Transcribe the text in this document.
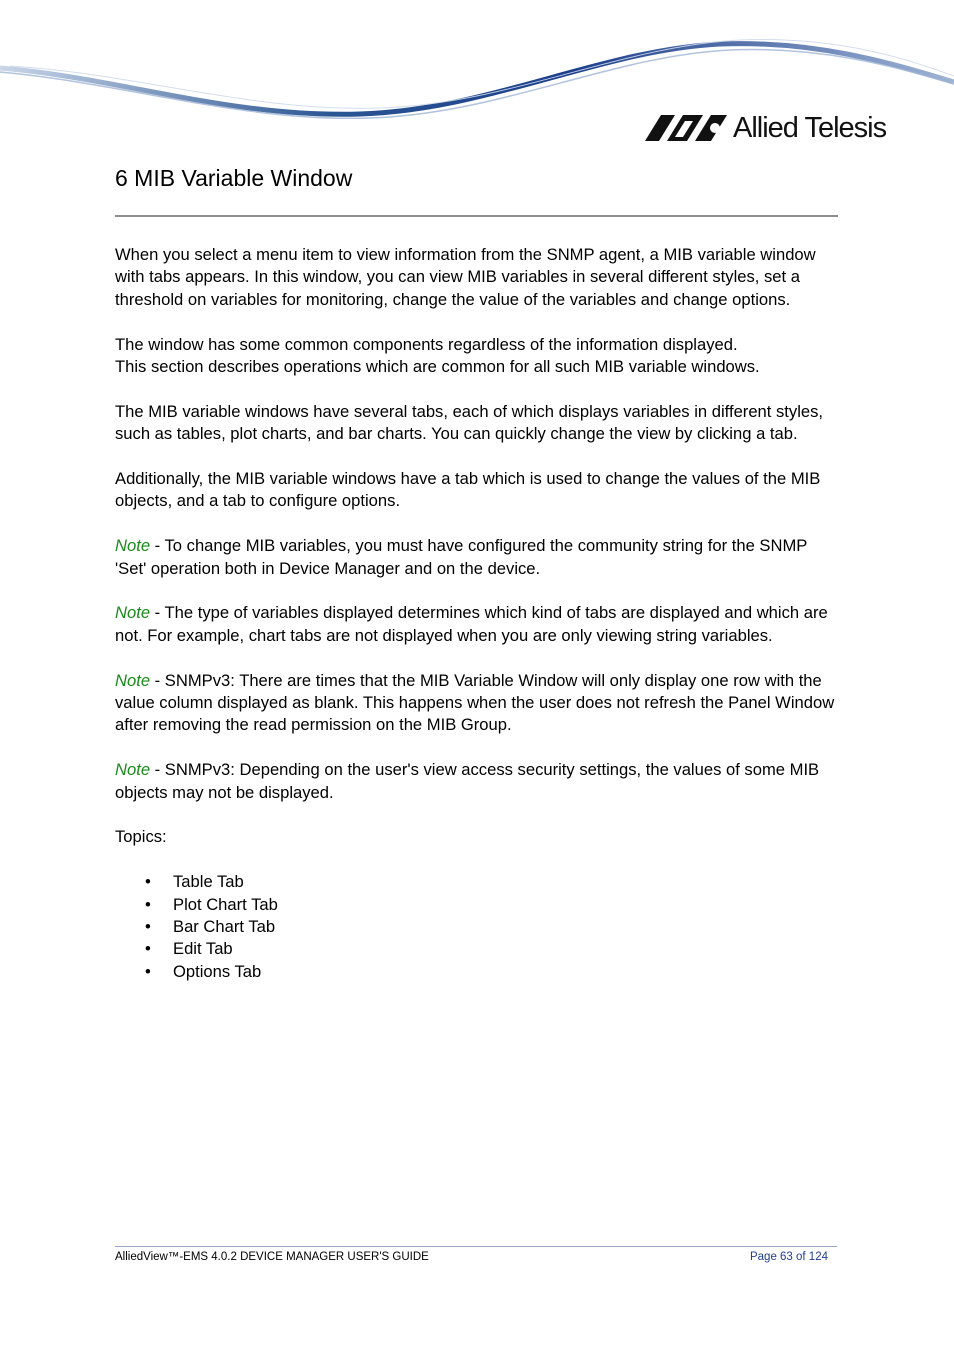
Allied Telesis
6 MIB Variable Window

When you select a menu item to view information from the SNMP agent, a MIB variable window with tabs appears. In this window, you can view MIB variables in several different styles, set a threshold on variables for monitoring, change the value of the variables and change options.

The window has some common components regardless of the information displayed.
This section describes operations which are common for all such MIB variable windows.

The MIB variable windows have several tabs, each of which displays variables in different styles, such as tables, plot charts, and bar charts. You can quickly change the view by clicking a tab.

Additionally, the MIB variable windows have a tab which is used to change the values of the MIB objects, and a tab to configure options.

Note - To change MIB variables, you must have configured the community string for the SNMP 'Set' operation both in Device Manager and on the device.

Note - The type of variables displayed determines which kind of tabs are displayed and which are not. For example, chart tabs are not displayed when you are only viewing string variables.

Note - SNMPv3: There are times that the MIB Variable Window will only display one row with the value column displayed as blank. This happens when the user does not refresh the Panel Window after removing the read permission on the MIB Group.

Note - SNMPv3: Depending on the user's view access security settings, the values of some MIB objects may not be displayed.

Topics:

• Table Tab
• Plot Chart Tab
• Bar Chart Tab
• Edit Tab
• Options Tab
AlliedView™-EMS 4.0.2 DEVICE MANAGER USER'S GUIDE	Page 63 of 124
